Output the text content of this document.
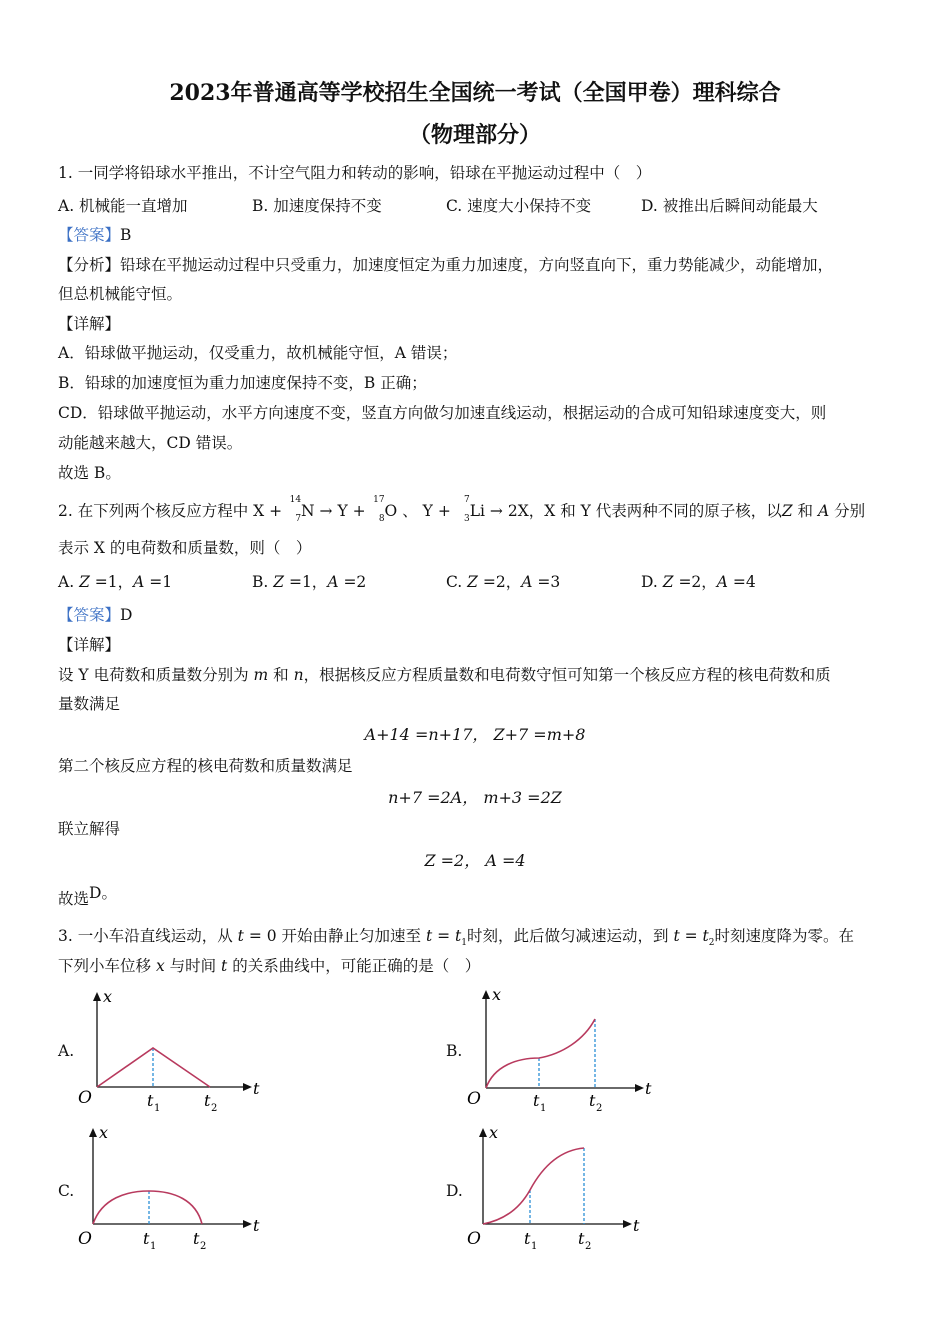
2023年普通高等学校招生全国统一考试（全国甲卷）理科综合
（物理部分）
1. 一同学将铅球水平推出，不计空气阻力和转动的影响，铅球在平抛运动过程中（　）
A. 机械能一直增加	B. 加速度保持不变	C. 速度大小保持不变	D. 被推出后瞬间动能最大
【答案】B
【分析】铅球在平抛运动过程中只受重力，加速度恒定为重力加速度，方向竖直向下，重力势能减少，动能增加，
但总机械能守恒。
【详解】
A．铅球做平抛运动，仅受重力，故机械能守恒，A 错误；
B．铅球的加速度恒为重力加速度保持不变，B 正确；
CD．铅球做平抛运动，水平方向速度不变，竖直方向做匀加速直线运动，根据运动的合成可知铅球速度变大，则
动能越来越大，CD 错误。
故选 B。
2. 在下列两个核反应方程中 X +
14
7 N → Y +
17
8 O 、 Y +
7
3 Li → 2X，X 和 Y 代表两种不同的原子核，以Z 和 A 分别
表示 X 的电荷数和质量数，则（　）
A. Z =1，A =1	B. Z =1，A =2	C. Z =2，A =3	D. Z =2，A =4
【答案】D
【详解】
设 Y 电荷数和质量数分别为 m 和 n，根据核反应方程质量数和电荷数守恒可知第一个核反应方程的核电荷数和质
量数满足
A+14 =n+17， Z+7 =m+8
第二个核反应方程的核电荷数和质量数满足
n+7 =2A， m+3 =2Z
联立解得
Z =2， A =4
故选D。
3. 一小车沿直线运动，从 t = 0 开始由静止匀加速至 $t = t_1$时刻，此后做匀减速运动，到 $t = t_2$时刻速度降为零。在
下列小车位移 x 与时间 t 的关系曲线中，可能正确的是（　）
A.
x
t
O	t 1	t 2
B.
x
t
O	t 1	t 2
C.
x
t
O	t 1 t 2
D.
x
t
O	t 1	t 2
